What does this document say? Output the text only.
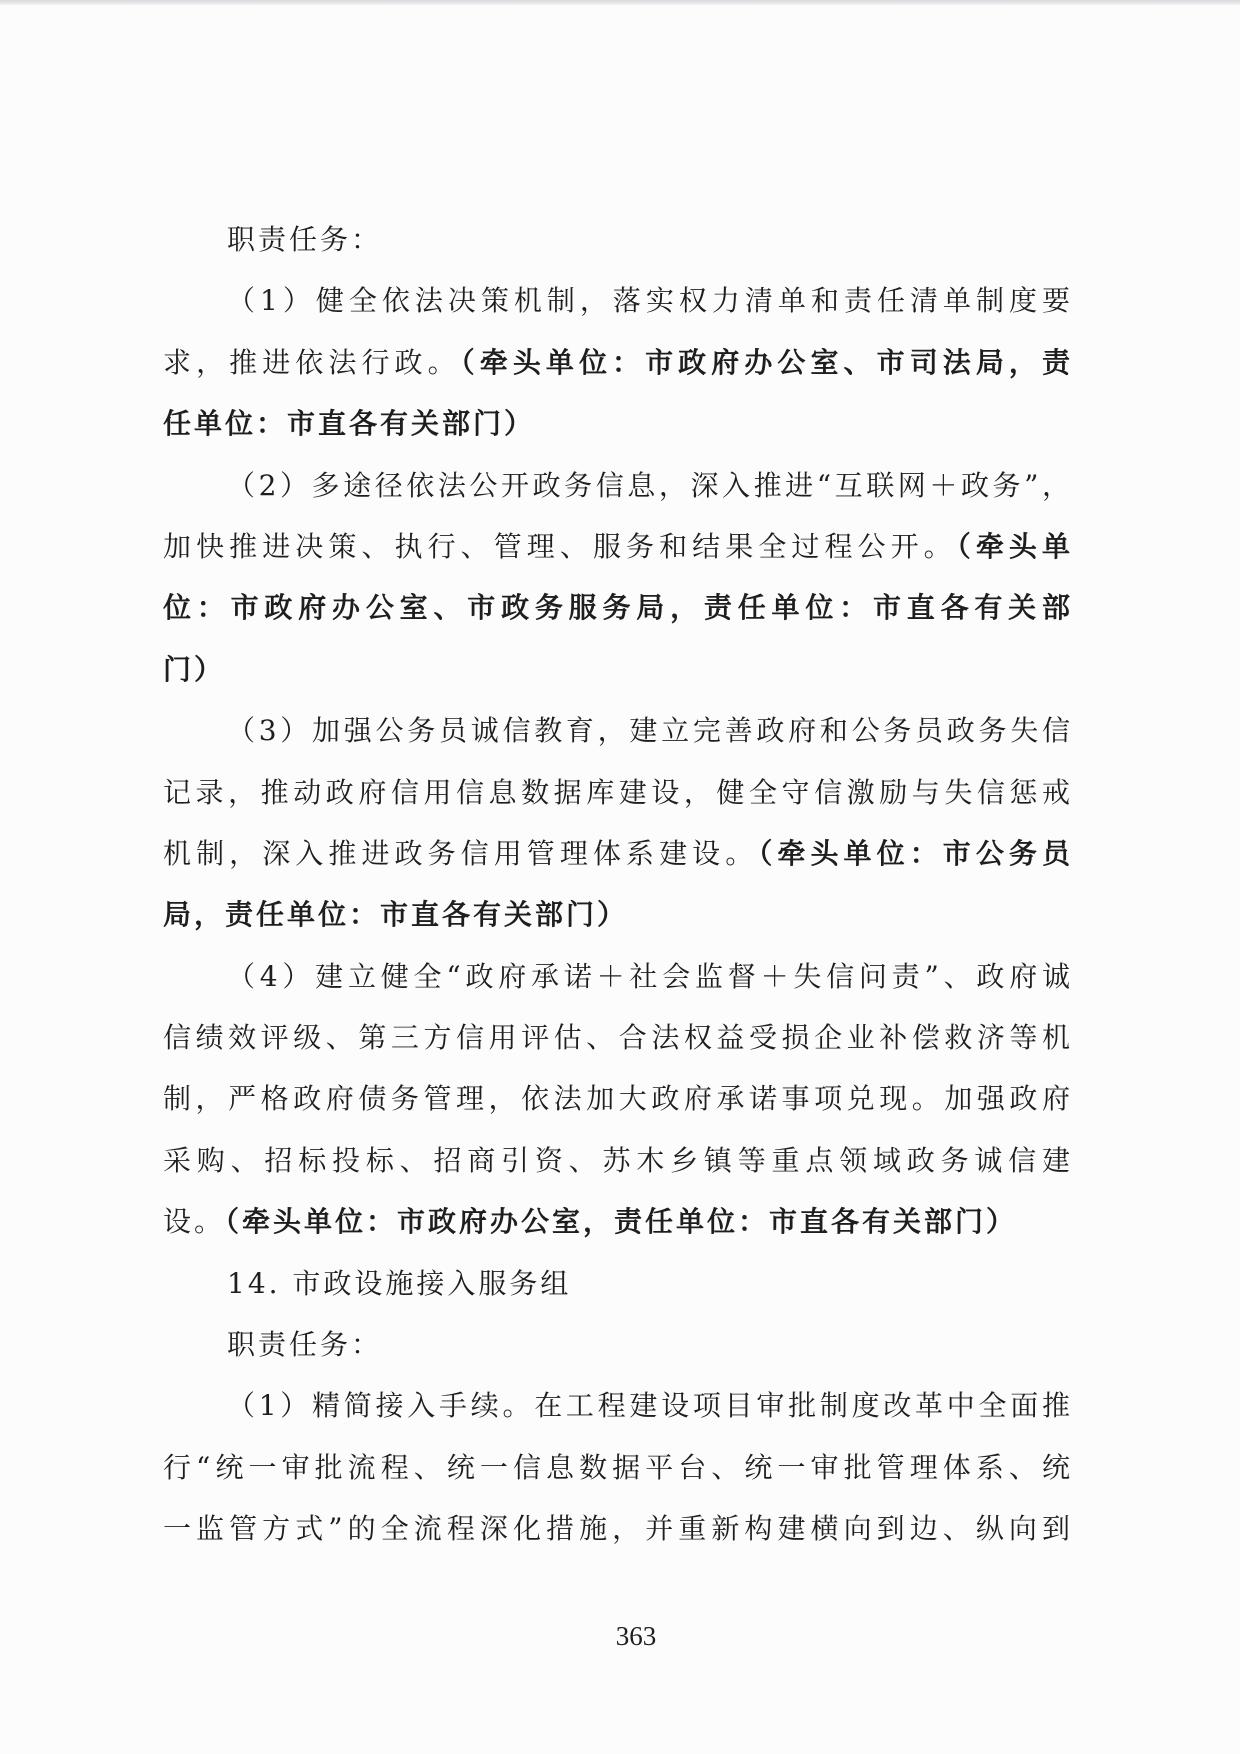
职责任务：
（1）健全依法决策机制，落实权力清单和责任清单制度要
求，推进依法行政。（牵头单位：市政府办公室、市司法局，责
任单位：市直各有关部门）
（2）多途径依法公开政务信息，深入推进“互联网＋政务”，
加快推进决策、执行、管理、服务和结果全过程公开。（牵头单
位：市政府办公室、市政务服务局，责任单位：市直各有关部
门）
（3）加强公务员诚信教育，建立完善政府和公务员政务失信
记录，推动政府信用信息数据库建设，健全守信激励与失信惩戒
机制，深入推进政务信用管理体系建设。（牵头单位：市公务员
局，责任单位：市直各有关部门）
（4）建立健全“政府承诺＋社会监督＋失信问责”、政府诚
信绩效评级、第三方信用评估、合法权益受损企业补偿救济等机
制，严格政府债务管理，依法加大政府承诺事项兑现。加强政府
采购、招标投标、招商引资、苏木乡镇等重点领域政务诚信建
设。（牵头单位：市政府办公室，责任单位：市直各有关部门）
14. 市政设施接入服务组
职责任务：
（1）精简接入手续。在工程建设项目审批制度改革中全面推
行“统一审批流程、统一信息数据平台、统一审批管理体系、统
一监管方式”的全流程深化措施，并重新构建横向到边、纵向到
363
